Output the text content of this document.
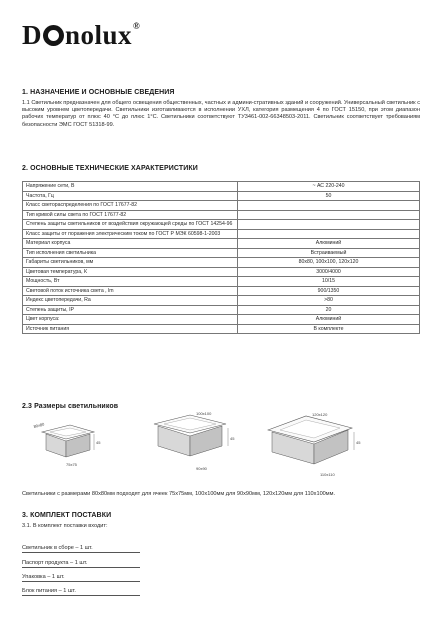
D nolux ®
1. НАЗНАЧЕНИЕ И ОСНОВНЫЕ СВЕДЕНИЯ
1.1 Светильник предназначен для общего освещения общественных, частных и админи-стративных зданий и сооружений. Универсальный светильник с высоким уровнем цветопередачи. Светильники изготавливаются в исполнении УХЛ, категория размещения 4 по ГОСТ 15150, при этом диапазон рабочих температур от плюс 40 °С до плюс 1°С. Светильники соответствуют ТУ3461-002-66348503-2011. Светильник соответствует требованиям безопасности ЭМС ГОСТ 51318-99.
2. ОСНОВНЫЕ ТЕХНИЧЕСКИЕ ХАРАКТЕРИСТИКИ
Напряжение сети, В	~ АС 220-240
Частота, Гц	50
Класс светораспределения по ГОСТ 17677-82	
Тип кривой силы света по ГОСТ 17677-82	
Степень защиты светильников от воздействия окружающей среды по ГОСТ 14254-96	
Класс защиты от поражения электрическим током по ГОСТ Р МЭК 60598-1-2003	
Материал корпуса	Алюминий
Тип исполнения светильника	Встраиваемый
Габариты светильников, мм	80х80, 100х100, 120х120
Цветовая температура, К	3000/4000
Мощность, Вт	10/15
Световой поток источника света , lm	900/1350
Индекс цветопередачи, Ra	>80
Степень защиты, IP	20
Цвет корпуса:	Алюминий
Источник питания	В комплекте
2.3 Размеры светильников
80x80
45
75x75
100x100
45
90x90
120x120
45
110x110
Светильники с размерами 80х80мм подходят для ячеек 75х75мм, 100х100мм для 90х90мм, 120х120мм для 110х100мм.
3. КОМПЛЕКТ ПОСТАВКИ
3.1. В комплект поставки входит:
Светильник в сборе – 1 шт.
Паспорт продукта – 1 шт.
Упаковка – 1 шт.
Блок питания – 1 шт.
